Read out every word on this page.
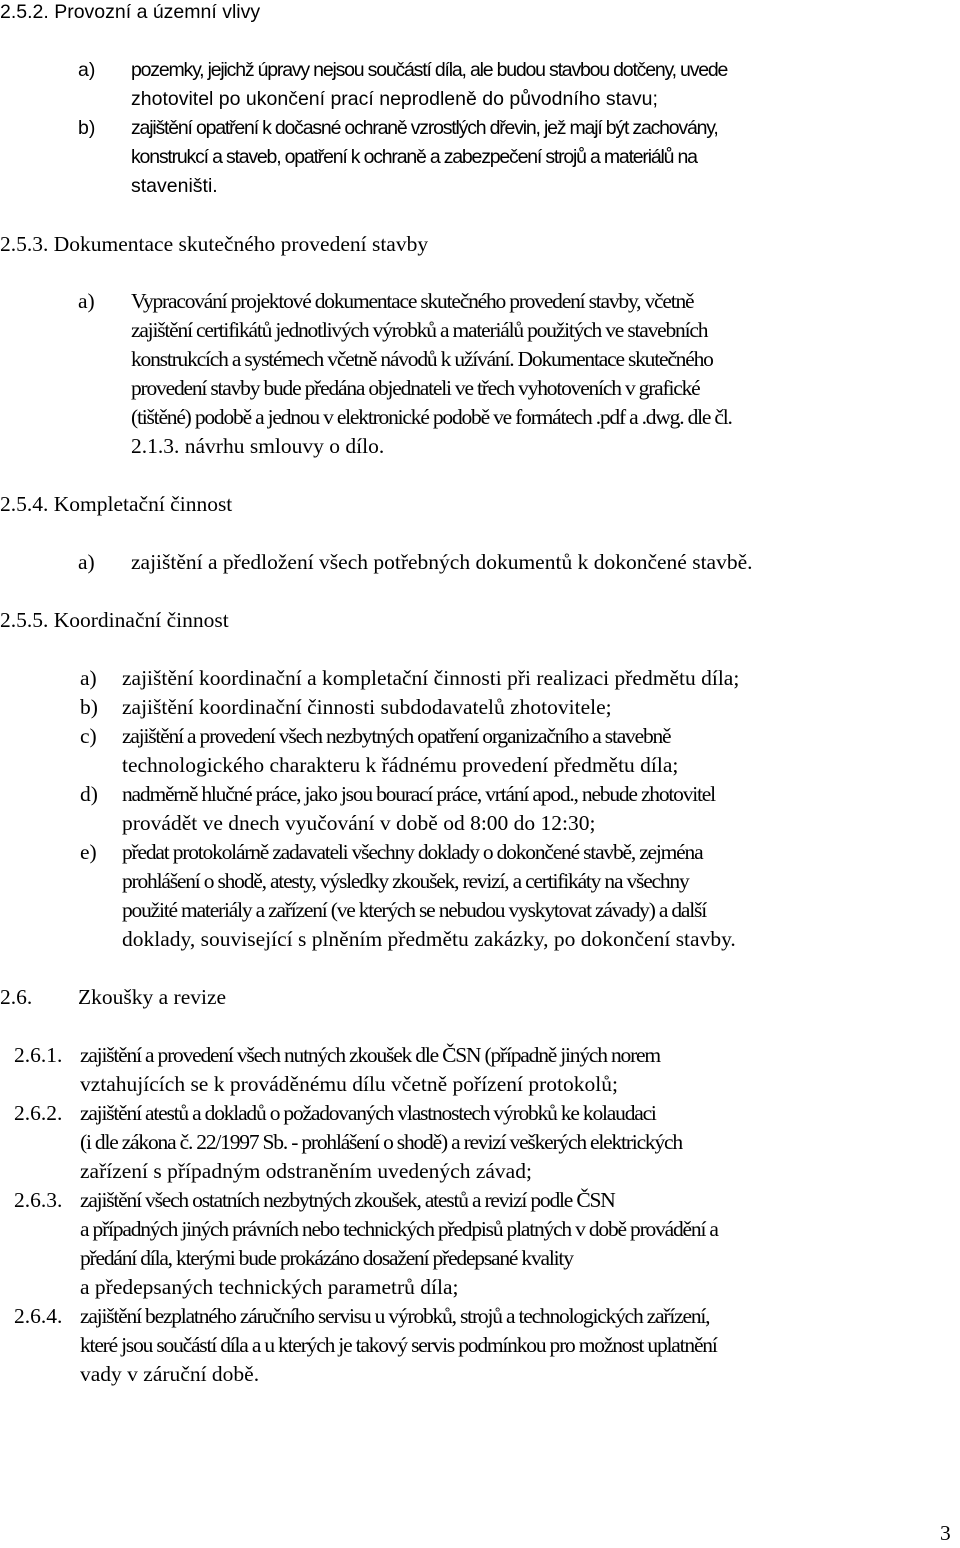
2.5.2. Provozní a územní vlivy
a) pozemky, jejichž úpravy nejsou součástí díla, ale budou stavbou dotčeny, uvede
zhotovitel po ukončení prací neprodleně do původního stavu;
b) zajištění opatření k dočasné ochraně vzrostlých dřevin, jež mají být zachovány,
konstrukcí a staveb, opatření k ochraně a zabezpečení strojů a materiálů na
staveništi.
2.5.3. Dokumentace skutečného provedení stavby
a) Vypracování projektové dokumentace skutečného provedení stavby, včetně
zajištění certifikátů jednotlivých výrobků a materiálů použitých ve stavebních
konstrukcích a systémech včetně návodů k užívání. Dokumentace skutečného
provedení stavby bude předána objednateli ve třech vyhotoveních v grafické
(tištěné) podobě a jednou v elektronické podobě ve formátech .pdf a .dwg. dle čl.
2.1.3. návrhu smlouvy o dílo.
2.5.4. Kompletační činnost
a) zajištění a předložení všech potřebných dokumentů k dokončené stavbě.
2.5.5. Koordinační činnost
a) zajištění koordinační a kompletační činnosti při realizaci předmětu díla;
b) zajištění koordinační činnosti subdodavatelů zhotovitele;
c) zajištění a provedení všech nezbytných opatření organizačního a stavebně
technologického charakteru k řádnému provedení předmětu díla;
d) nadměrně hlučné práce, jako jsou bourací práce, vrtání apod., nebude zhotovitel
provádět ve dnech vyučování v době od 8:00 do 12:30;
e) předat protokolárně zadavateli všechny doklady o dokončené stavbě, zejména
prohlášení o shodě, atesty, výsledky zkoušek, revizí, a certifikáty na všechny
použité materiály a zařízení (ve kterých se nebudou vyskytovat závady) a další
doklady, související s plněním předmětu zakázky, po dokončení stavby.
2.6. Zkoušky a revize
2.6.1. zajištění a provedení všech nutných zkoušek dle ČSN (případně jiných norem
vztahujících se k prováděnému dílu včetně pořízení protokolů;
2.6.2. zajištění atestů a dokladů o požadovaných vlastnostech výrobků ke kolaudaci
(i dle zákona č. 22/1997 Sb. - prohlášení o shodě) a revizí veškerých elektrických
zařízení s případným odstraněním uvedených závad;
2.6.3. zajištění všech ostatních nezbytných zkoušek, atestů a revizí podle ČSN
a případných jiných právních nebo technických předpisů platných v době provádění a
předání díla, kterými bude prokázáno dosažení předepsané kvality
a předepsaných technických parametrů díla;
2.6.4. zajištění bezplatného záručního servisu u výrobků, strojů a technologických zařízení,
které jsou součástí díla a u kterých je takový servis podmínkou pro možnost uplatnění
vady v záruční době.
3
